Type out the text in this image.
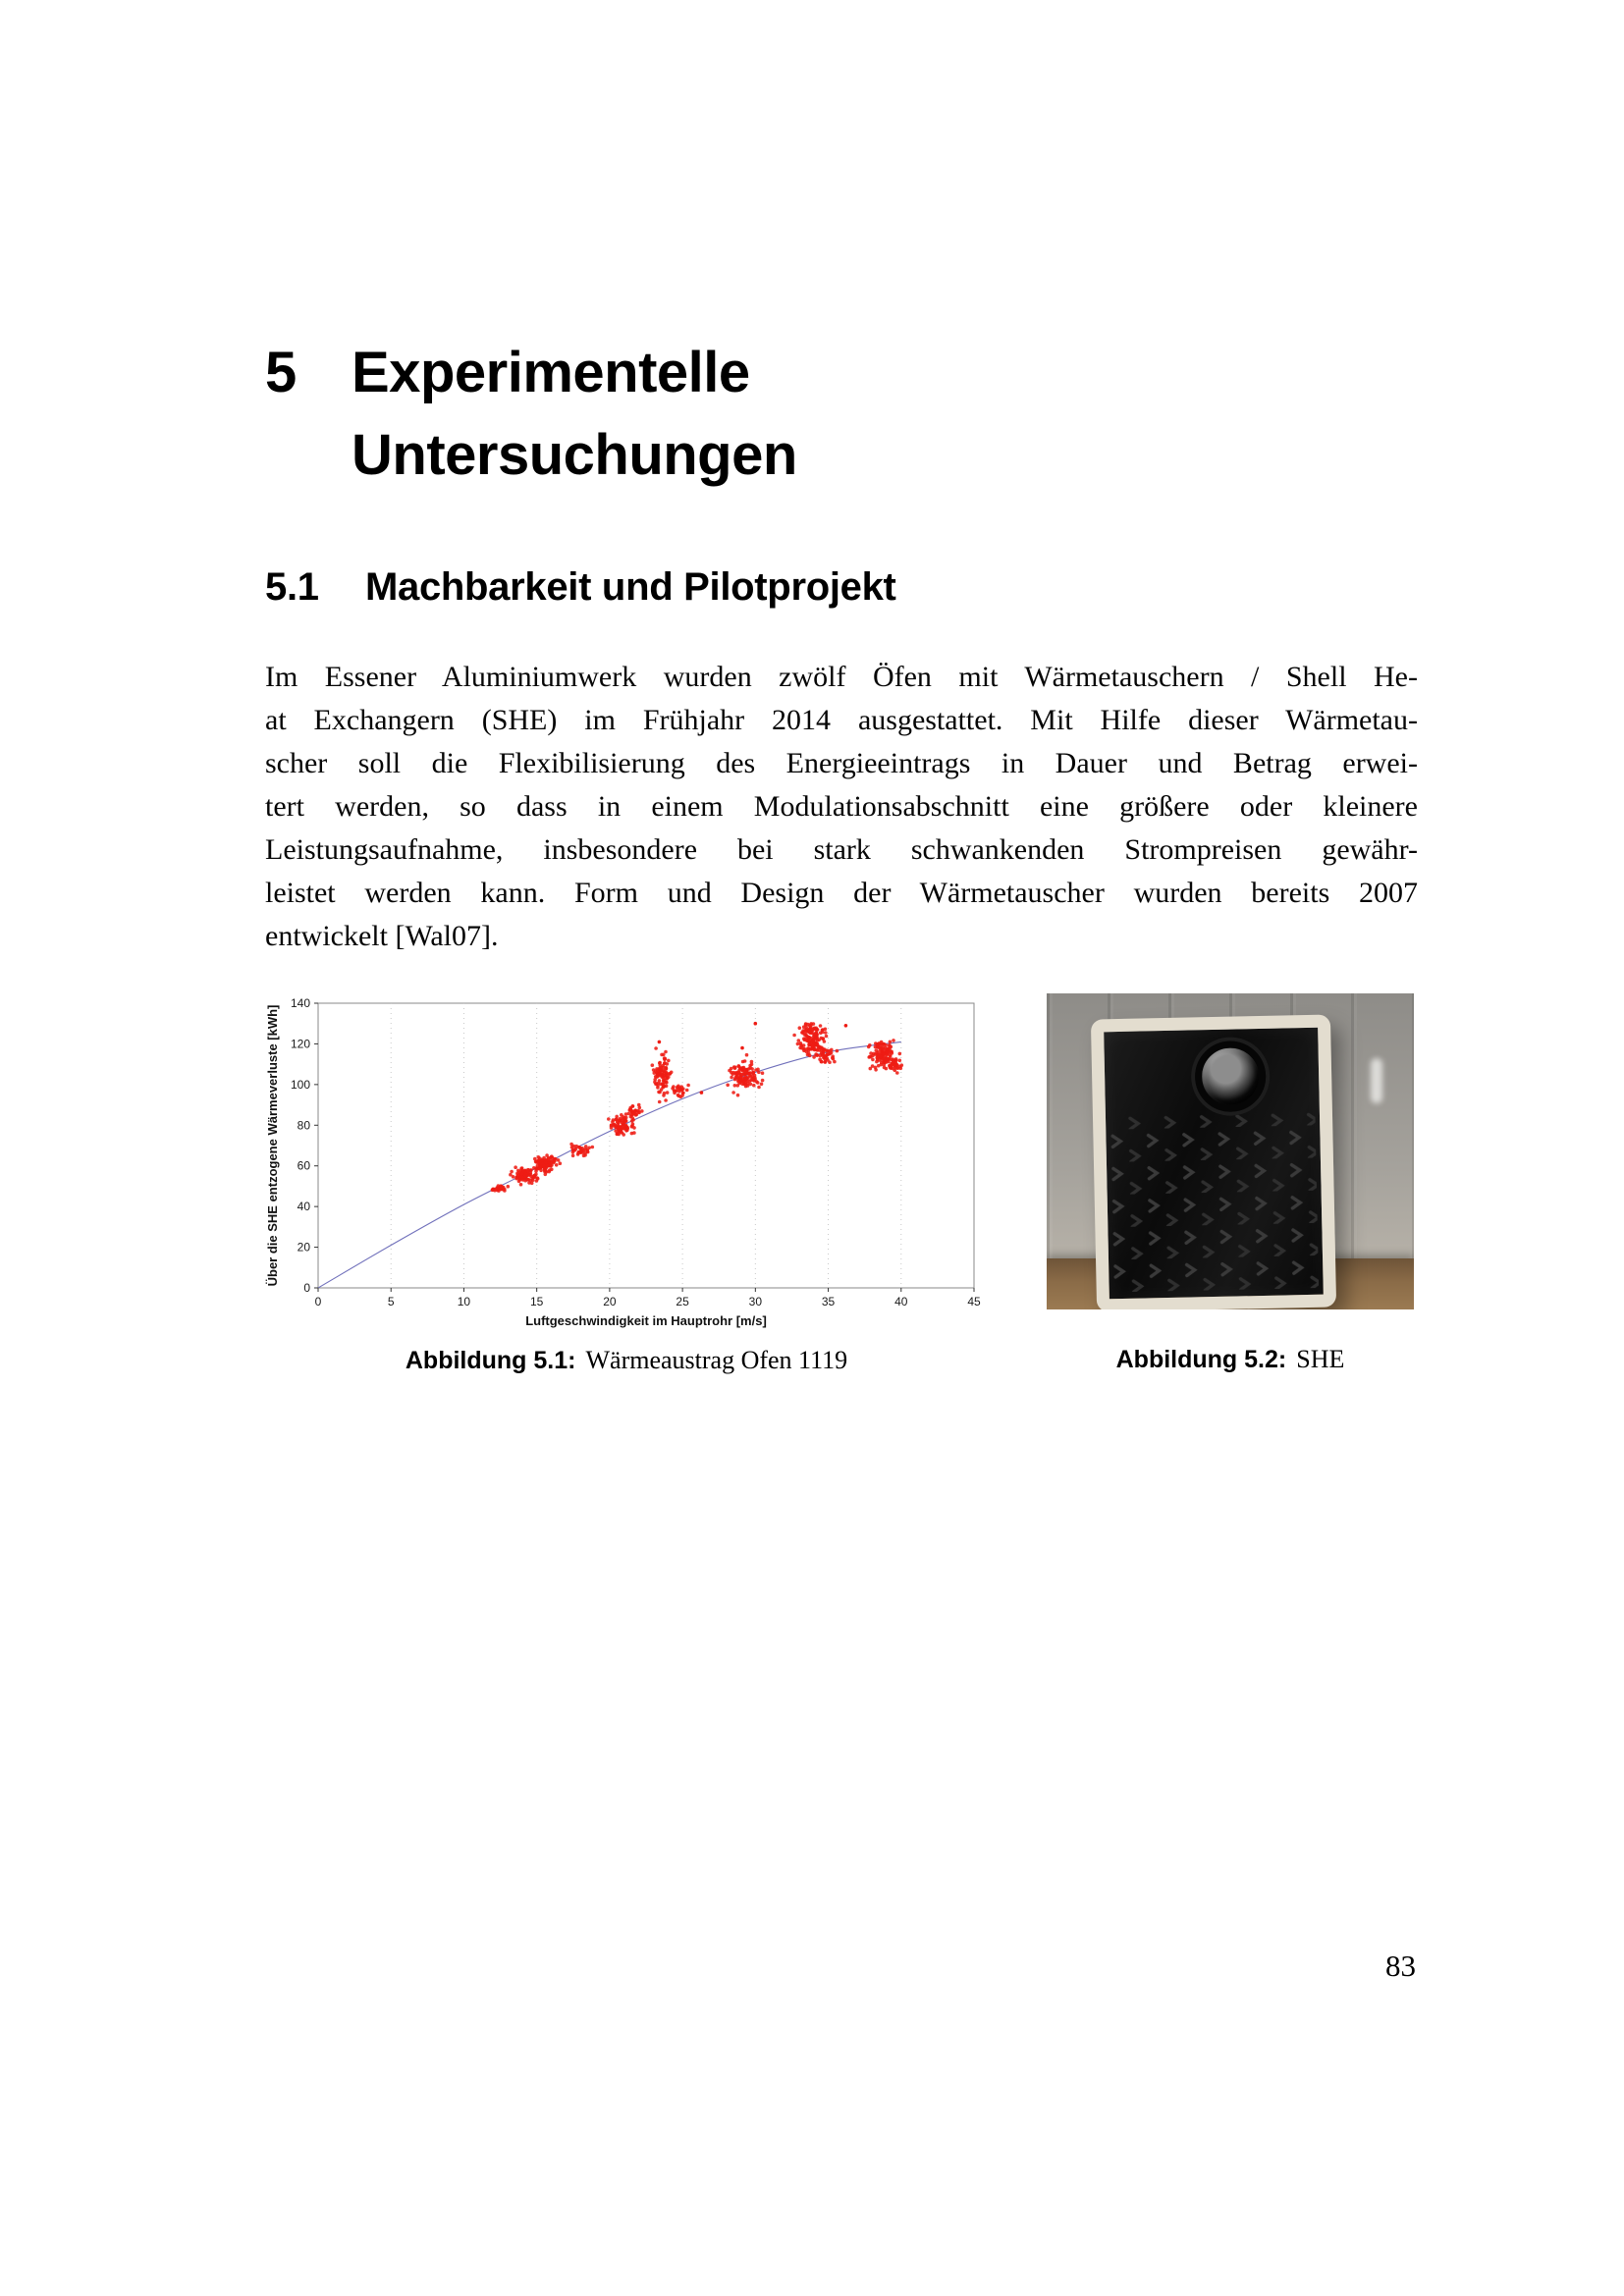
5 Experimentelle
Untersuchungen
5.1	Machbarkeit und Pilotprojekt
Im Essener Aluminiumwerk wurden zwölf Öfen mit Wärmetauschern / Shell He-
at Exchangern (SHE) im Frühjahr 2014 ausgestattet. Mit Hilfe dieser Wärmetau-
scher soll die Flexibilisierung des Energieeintrags in Dauer und Betrag erwei-
tert werden, so dass in einem Modulationsabschnitt eine größere oder kleinere
Leistungsaufnahme, insbesondere bei stark schwankenden Strompreisen gewähr-
leistet werden kann. Form und Design der Wärmetauscher wurden bereits 2007
entwickelt [Wal07].
0	5	10	15	20	25	30	35	40	45
0
20
40
60
80
100
120
140
Luftgeschwindigkeit im Hauptrohr [m/s]
Über die SHE entzogene Wärmeverluste [kWh]
Abbildung 5.1: Wärmeaustrag Ofen 1119	Abbildung 5.2: SHE
83
